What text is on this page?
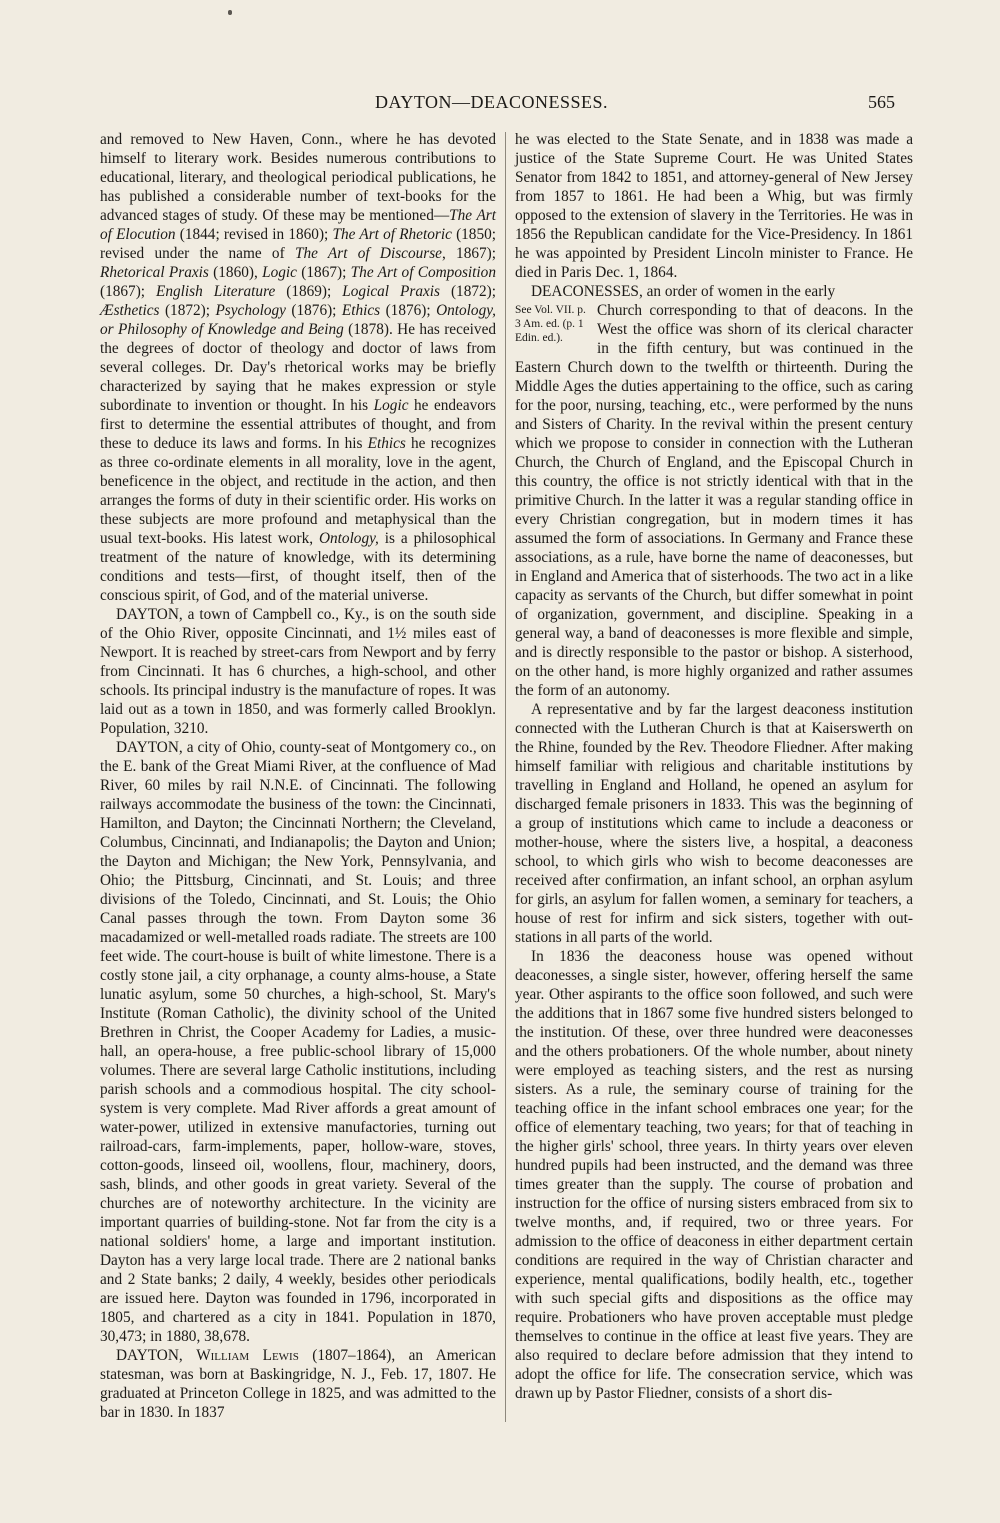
DAYTON—DEACONESSES.	565

and removed to New Haven, Conn., where he has devoted himself to literary work. Besides numerous contributions to educational, literary, and theological periodical publications, he has published a considerable number of text-books for the advanced stages of study. Of these may be mentioned—The Art of Elocution (1844; revised in 1860); The Art of Rhetoric (1850; revised under the name of The Art of Discourse, 1867); Rhetorical Praxis (1860), Logic (1867); The Art of Composition (1867); English Literature (1869); Logical Praxis (1872); Æsthetics (1872); Psychology (1876); Ethics (1876); Ontology, or Philosophy of Knowledge and Being (1878). He has received the degrees of doctor of theology and doctor of laws from several colleges. Dr. Day's rhetorical works may be briefly characterized by saying that he makes expression or style subordinate to invention or thought. In his Logic he endeavors first to determine the essential attributes of thought, and from these to deduce its laws and forms. In his Ethics he recognizes as three co-ordinate elements in all morality, love in the agent, beneficence in the object, and rectitude in the action, and then arranges the forms of duty in their scientific order. His works on these subjects are more profound and metaphysical than the usual text-books. His latest work, Ontology, is a philosophical treatment of the nature of knowledge, with its determining conditions and tests—first, of thought itself, then of the conscious spirit, of God, and of the material universe.

DAYTON, a town of Campbell co., Ky., is on the south side of the Ohio River, opposite Cincinnati, and 1½ miles east of Newport. It is reached by street-cars from Newport and by ferry from Cincinnati. It has 6 churches, a high-school, and other schools. Its principal industry is the manufacture of ropes. It was laid out as a town in 1850, and was formerly called Brooklyn. Population, 3210.

DAYTON, a city of Ohio, county-seat of Montgomery co., on the E. bank of the Great Miami River, at the confluence of Mad River, 60 miles by rail N.N.E. of Cincinnati. The following railways accommodate the business of the town: the Cincinnati, Hamilton, and Dayton; the Cincinnati Northern; the Cleveland, Columbus, Cincinnati, and Indianapolis; the Dayton and Union; the Dayton and Michigan; the New York, Pennsylvania, and Ohio; the Pittsburg, Cincinnati, and St. Louis; and three divisions of the Toledo, Cincinnati, and St. Louis; the Ohio Canal passes through the town. From Dayton some 36 macadamized or well-metalled roads radiate. The streets are 100 feet wide. The court-house is built of white limestone. There is a costly stone jail, a city orphanage, a county alms-house, a State lunatic asylum, some 50 churches, a high-school, St. Mary's Institute (Roman Catholic), the divinity school of the United Brethren in Christ, the Cooper Academy for Ladies, a music-hall, an opera-house, a free public-school library of 15,000 volumes. There are several large Catholic institutions, including parish schools and a commodious hospital. The city school-system is very complete. Mad River affords a great amount of water-power, utilized in extensive manufactories, turning out railroad-cars, farm-implements, paper, hollow-ware, stoves, cotton-goods, linseed oil, woollens, flour, machinery, doors, sash, blinds, and other goods in great variety. Several of the churches are of noteworthy architecture. In the vicinity are important quarries of building-stone. Not far from the city is a national soldiers' home, a large and important institution. Dayton has a very large local trade. There are 2 national banks and 2 State banks; 2 daily, 4 weekly, besides other periodicals are issued here. Dayton was founded in 1796, incorporated in 1805, and chartered as a city in 1841. Population in 1870, 30,473; in 1880, 38,678.

DAYTON, William Lewis (1807–1864), an American statesman, was born at Baskingridge, N. J., Feb. 17, 1807. He graduated at Princeton College in 1825, and was admitted to the bar in 1830. In 1837

he was elected to the State Senate, and in 1838 was made a justice of the State Supreme Court. He was United States Senator from 1842 to 1851, and attorney-general of New Jersey from 1857 to 1861. He had been a Whig, but was firmly opposed to the extension of slavery in the Territories. He was in 1856 the Republican candidate for the Vice-Presidency. In 1861 he was appointed by President Lincoln minister to France. He died in Paris Dec. 1, 1864.

DEACONESSES, an order of women in the early

See Vol. VII. p. 3 Am. ed. (p. 1 Edin. ed.).
Church corresponding to that of deacons. In the West the office was shorn of its clerical character in the fifth century, but was continued in the Eastern Church down to the twelfth or thirteenth. During the Middle Ages the duties appertaining to the office, such as caring for the poor, nursing, teaching, etc., were performed by the nuns and Sisters of Charity. In the revival within the present century which we propose to consider in connection with the Lutheran Church, the Church of England, and the Episcopal Church in this country, the office is not strictly identical with that in the primitive Church. In the latter it was a regular standing office in every Christian congregation, but in modern times it has assumed the form of associations. In Germany and France these associations, as a rule, have borne the name of deaconesses, but in England and America that of sisterhoods. The two act in a like capacity as servants of the Church, but differ somewhat in point of organization, government, and discipline. Speaking in a general way, a band of deaconesses is more flexible and simple, and is directly responsible to the pastor or bishop. A sisterhood, on the other hand, is more highly organized and rather assumes the form of an autonomy.

A representative and by far the largest deaconess institution connected with the Lutheran Church is that at Kaiserswerth on the Rhine, founded by the Rev. Theodore Fliedner. After making himself familiar with religious and charitable institutions by travelling in England and Holland, he opened an asylum for discharged female prisoners in 1833. This was the beginning of a group of institutions which came to include a deaconess or mother-house, where the sisters live, a hospital, a deaconess school, to which girls who wish to become deaconesses are received after confirmation, an infant school, an orphan asylum for girls, an asylum for fallen women, a seminary for teachers, a house of rest for infirm and sick sisters, together with out-stations in all parts of the world.

In 1836 the deaconess house was opened without deaconesses, a single sister, however, offering herself the same year. Other aspirants to the office soon followed, and such were the additions that in 1867 some five hundred sisters belonged to the institution. Of these, over three hundred were deaconesses and the others probationers. Of the whole number, about ninety were employed as teaching sisters, and the rest as nursing sisters. As a rule, the seminary course of training for the teaching office in the infant school embraces one year; for the office of elementary teaching, two years; for that of teaching in the higher girls' school, three years. In thirty years over eleven hundred pupils had been instructed, and the demand was three times greater than the supply. The course of probation and instruction for the office of nursing sisters embraced from six to twelve months, and, if required, two or three years. For admission to the office of deaconess in either department certain conditions are required in the way of Christian character and experience, mental qualifications, bodily health, etc., together with such special gifts and dispositions as the office may require. Probationers who have proven acceptable must pledge themselves to continue in the office at least five years. They are also required to declare before admission that they intend to adopt the office for life. The consecration service, which was drawn up by Pastor Fliedner, consists of a short dis-
